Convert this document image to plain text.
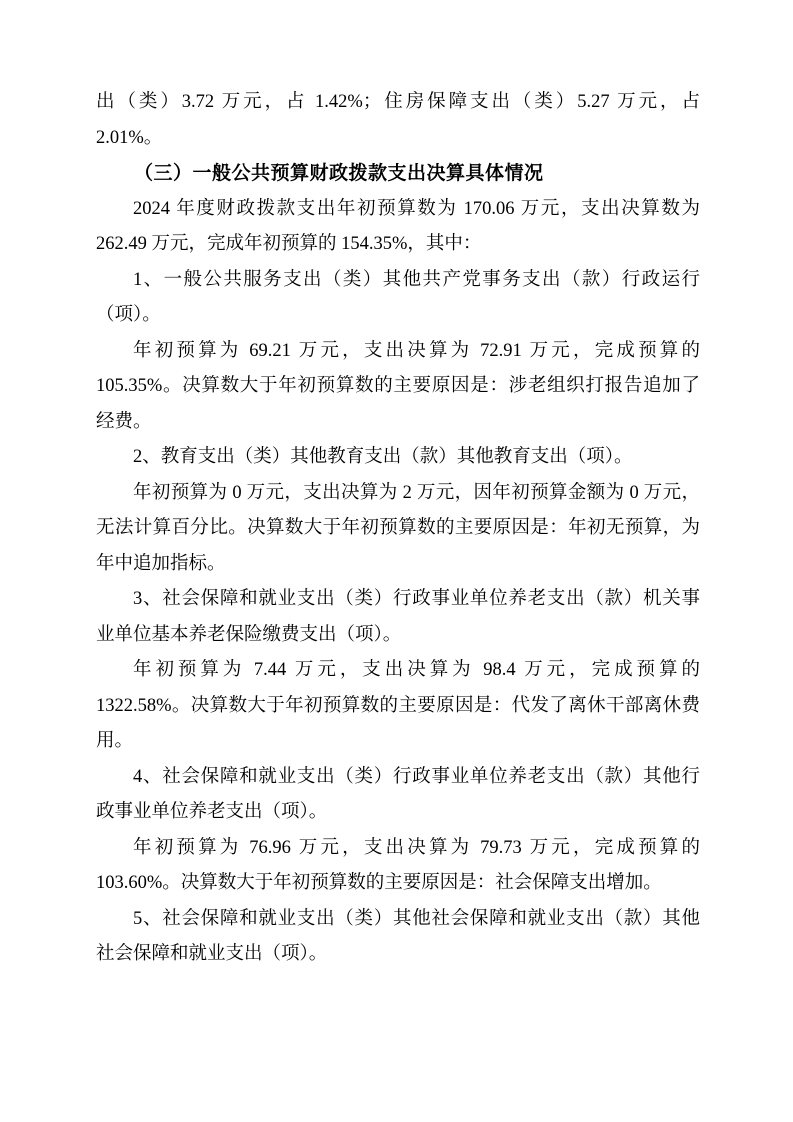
出（类）3.72 万元，占 1.42%；住房保障支出（类）5.27 万元，占
2.01%。
（三）一般公共预算财政拨款支出决算具体情况
2024 年度财政拨款支出年初预算数为 170.06 万元，支出决算数为
262.49 万元，完成年初预算的 154.35%，其中：
1、一般公共服务支出（类）其他共产党事务支出（款）行政运行
（项）。
年初预算为 69.21 万元，支出决算为 72.91 万元，完成预算的
105.35%。决算数大于年初预算数的主要原因是：涉老组织打报告追加了
经费。
2、教育支出（类）其他教育支出（款）其他教育支出（项）。
年初预算为 0 万元，支出决算为 2 万元，因年初预算金额为 0 万元，
无法计算百分比。决算数大于年初预算数的主要原因是：年初无预算，为
年中追加指标。
3、社会保障和就业支出（类）行政事业单位养老支出（款）机关事
业单位基本养老保险缴费支出（项）。
年初预算为 7.44 万元，支出决算为 98.4 万元，完成预算的
1322.58%。决算数大于年初预算数的主要原因是：代发了离休干部离休费
用。
4、社会保障和就业支出（类）行政事业单位养老支出（款）其他行
政事业单位养老支出（项）。
年初预算为 76.96 万元，支出决算为 79.73 万元，完成预算的
103.60%。决算数大于年初预算数的主要原因是：社会保障支出增加。
5、社会保障和就业支出（类）其他社会保障和就业支出（款）其他
社会保障和就业支出（项）。
